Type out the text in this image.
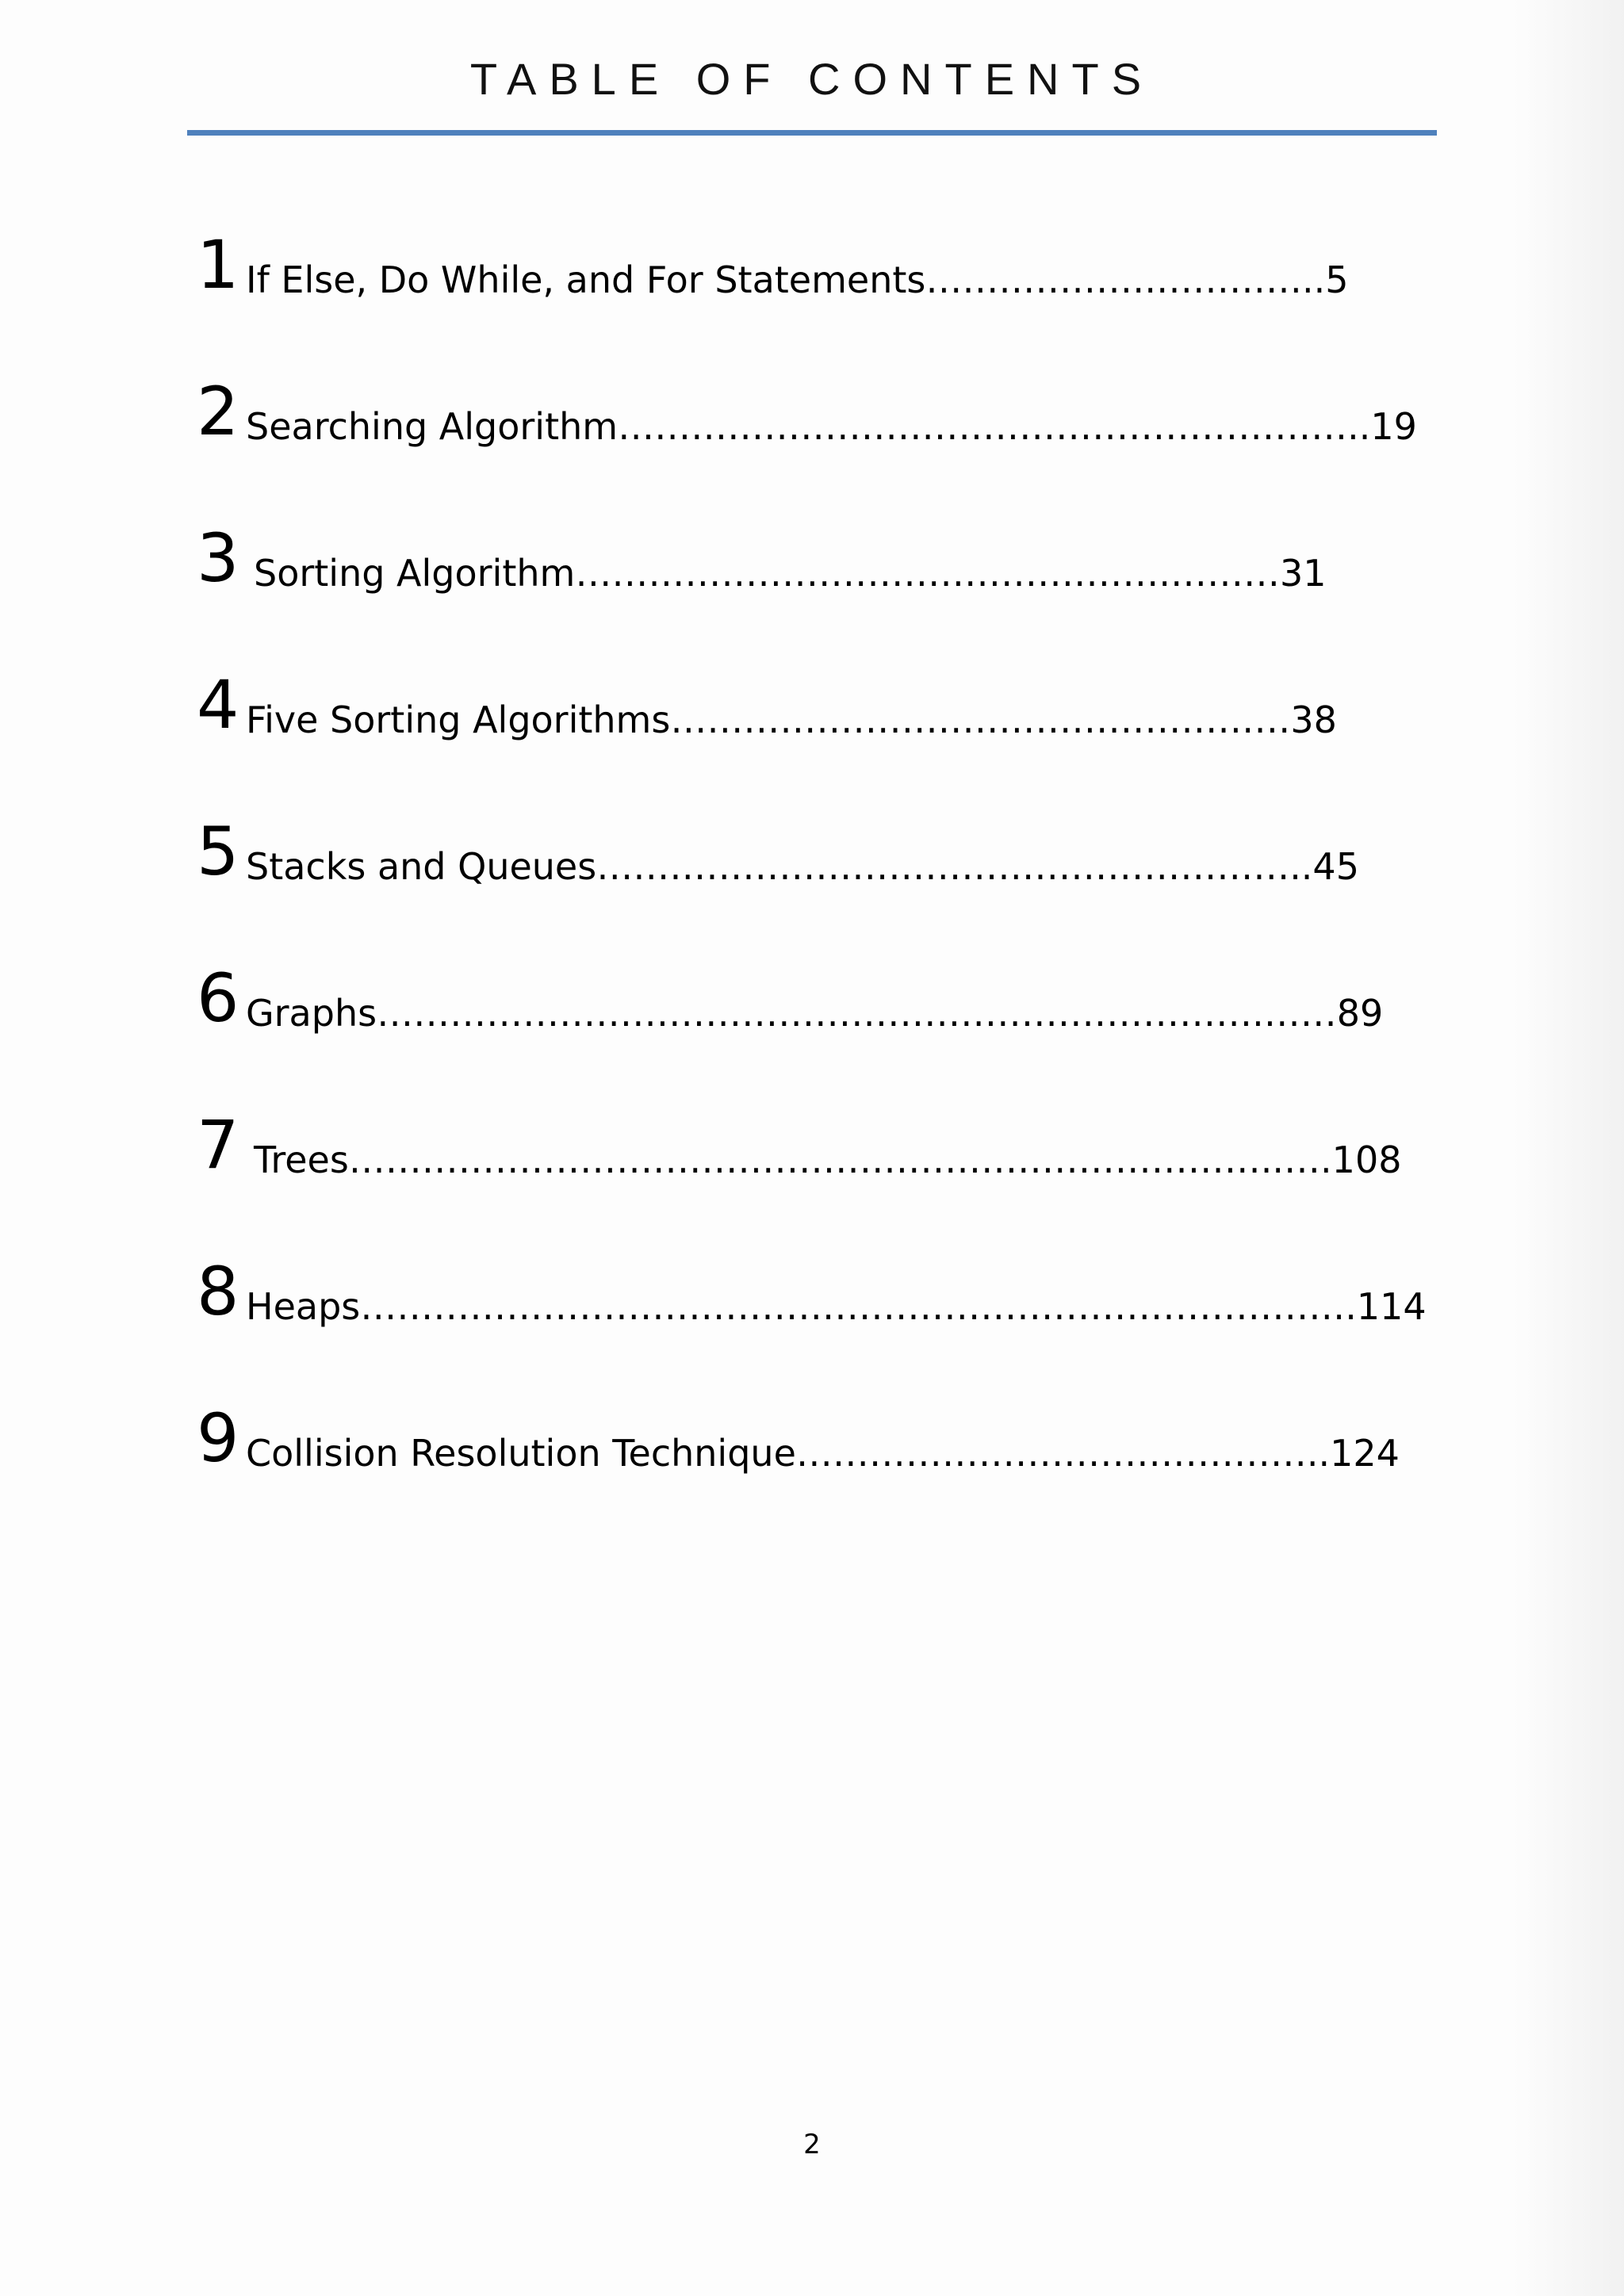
TABLE OF CONTENTS
1 If Else, Do While, and For Statements……………….…………..5
2 Searching Algorithm……………………………………………………..19
3 Sorting Algorithm………………………………………….………31
4 Five Sorting Algorithms……………………………………………38
5 Stacks and Queues…………………………………………………..45
6 Graphs……………………………………………………………….……89
7 Trees…………………………………………………………………..….108
8 Heaps……………………………………………………………………….114
9 Collision Resolution Technique……………………………………..124
2
